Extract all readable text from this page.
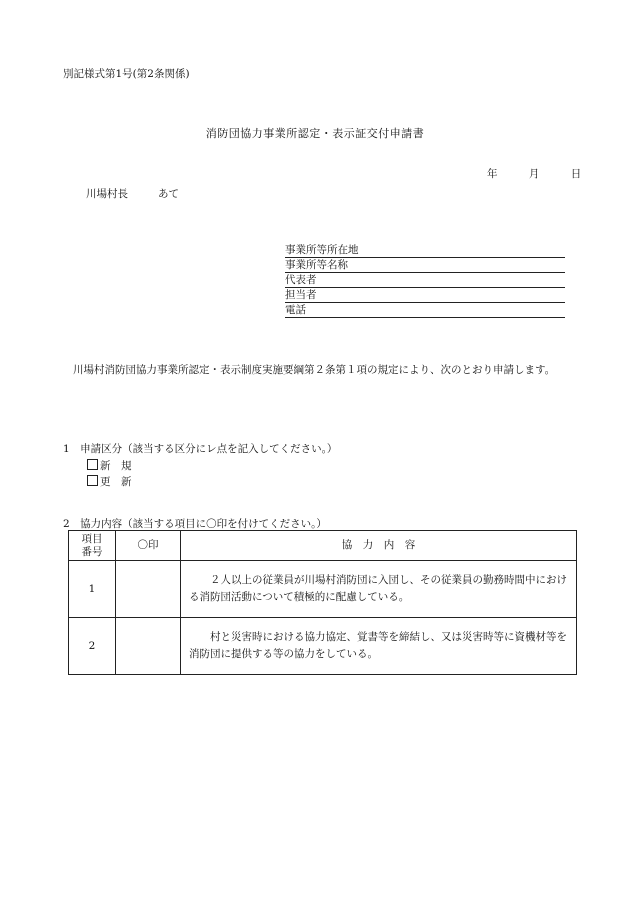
別記様式第1号(第2条関係)
消防団協力事業所認定・表示証交付申請書
年	月	日
川場村長	あて
事業所等所在地
事業所等名称
代表者
担当者
電話
川場村消防団協力事業所認定・表示制度実施要綱第２条第１項の規定により、次のとおり申請します。
1　申請区分（該当する区分にレ点を記入してください。）
新　規
更　新
2　協力内容（該当する項目に〇印を付けてください。）
項目
番号	〇印	協　力　内　容
1		２人以上の従業員が川場村消防団に入団し、その従業員の勤務時間中における消防団活動について積極的に配慮している。
2		村と災害時における協力協定、覚書等を締結し、又は災害時等に資機材等を消防団に提供する等の協力をしている。
